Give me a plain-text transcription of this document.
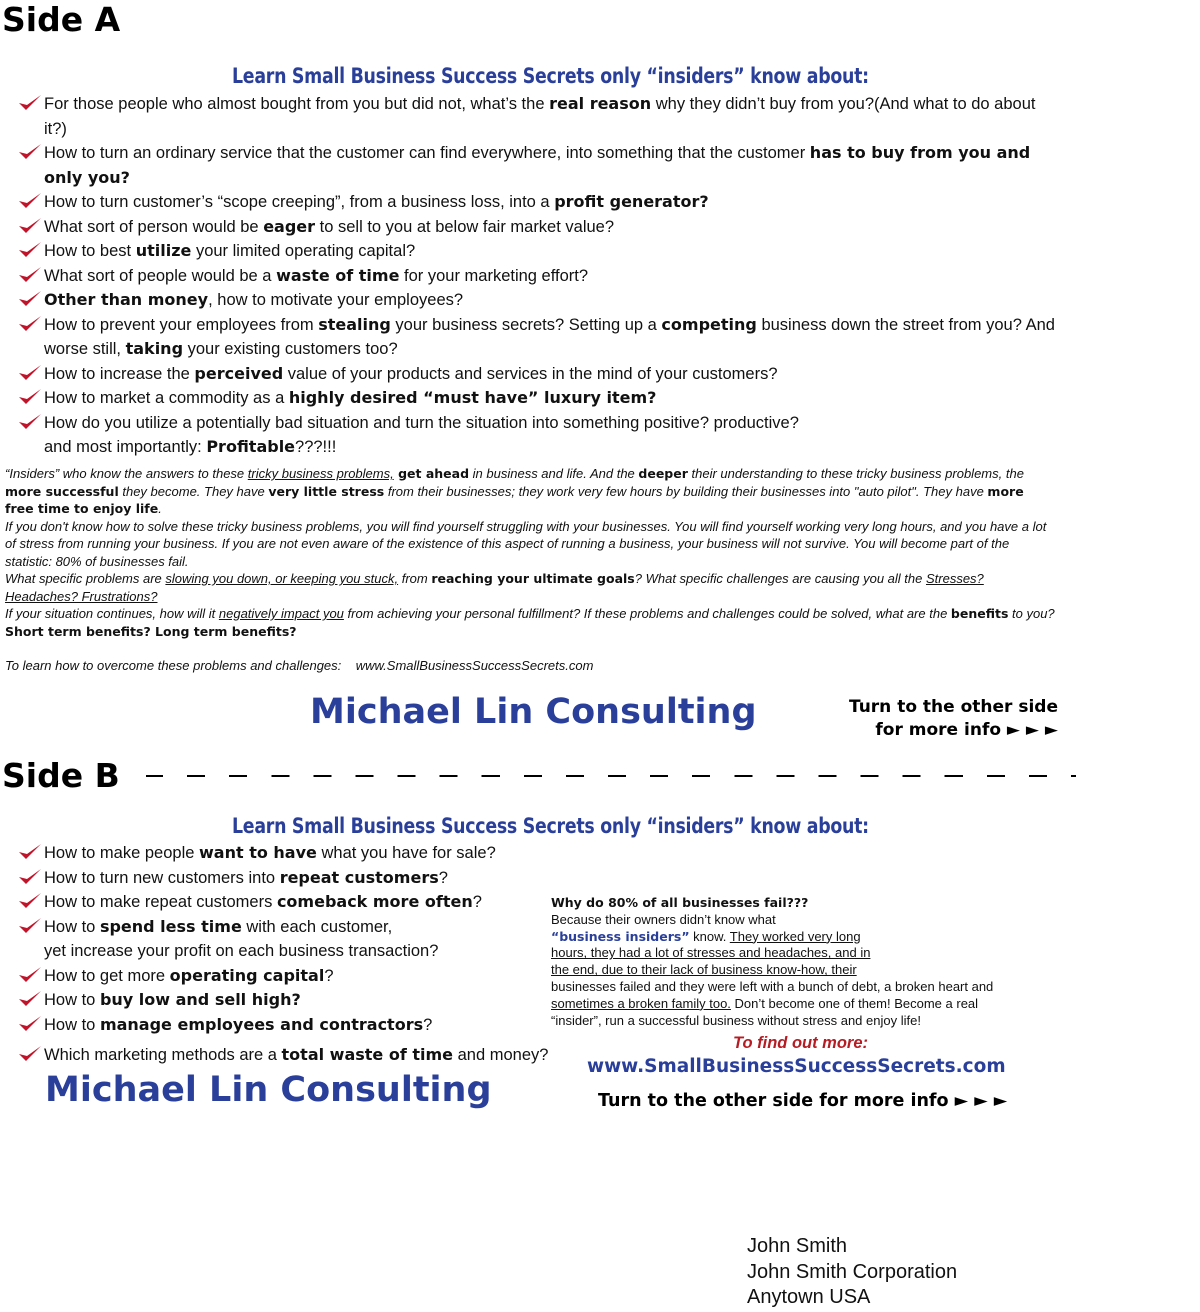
Side A
Learn Small Business Success Secrets only “insiders” know about:
For those people who almost bought from you but did not, what’s the real reason why they didn’t buy from you?(And what to do about it?)
How to turn an ordinary service that the customer can find everywhere, into something that the customer has to buy from you and only you?
How to turn customer’s “scope creeping”, from a business loss, into a profit generator?
What sort of person would be eager to sell to you at below fair market value?
How to best utilize your limited operating capital?
What sort of people would be a waste of time for your marketing effort?
Other than money, how to motivate your employees?
How to prevent your employees from stealing your business secrets? Setting up a competing business down the street from you? And worse still, taking your existing customers too?
How to increase the perceived value of your products and services in the mind of your customers?
How to market a commodity as a highly desired “must have” luxury item?
How do you utilize a potentially bad situation and turn the situation into something positive? productive?
and most importantly: Profitable???!!!
“Insiders” who know the answers to these tricky business problems, get ahead in business and life. And the deeper their understanding to these tricky business problems, the more successful they become. They have very little stress from their businesses; they work very few hours by building their businesses into "auto pilot". They have more free time to enjoy life.
If you don't know how to solve these tricky business problems, you will find yourself struggling with your businesses. You will find yourself working very long hours, and you have a lot of stress from running your business. If you are not even aware of the existence of this aspect of running a business, your business will not survive. You will become part of the statistic: 80% of businesses fail.
What specific problems are slowing you down, or keeping you stuck, from reaching your ultimate goals? What specific challenges are causing you all the Stresses? Headaches? Frustrations?
If your situation continues, how will it negatively impact you from achieving your personal fulfillment? If these problems and challenges could be solved, what are the benefits to you? Short term benefits? Long term benefits?
To learn how to overcome these problems and challenges:    www.SmallBusinessSuccessSecrets.com
Michael Lin Consulting	Turn to the other side
for more info ► ► ►
Side B
Learn Small Business Success Secrets only “insiders” know about:
How to make people want to have what you have for sale?
How to turn new customers into repeat customers?
How to make repeat customers comeback more often?
How to spend less time with each customer,
yet increase your profit on each business transaction?
How to get more operating capital?
How to buy low and sell high?
How to manage employees and contractors?
Which marketing methods are a total waste of time and money?
Michael Lin Consulting
Why do 80% of all businesses fail???
Because their owners didn’t know what
“business insiders” know. They worked very long
hours, they had a lot of stresses and headaches, and in
the end, due to their lack of business know-how, their
businesses failed and they were left with a bunch of debt, a broken heart and
sometimes a broken family too. Don’t become one of them! Become a real
“insider”, run a successful business without stress and enjoy life!
To find out more:
www.SmallBusinessSuccessSecrets.com
Turn to the other side for more info ► ► ►
John Smith
John Smith Corporation
Anytown USA
